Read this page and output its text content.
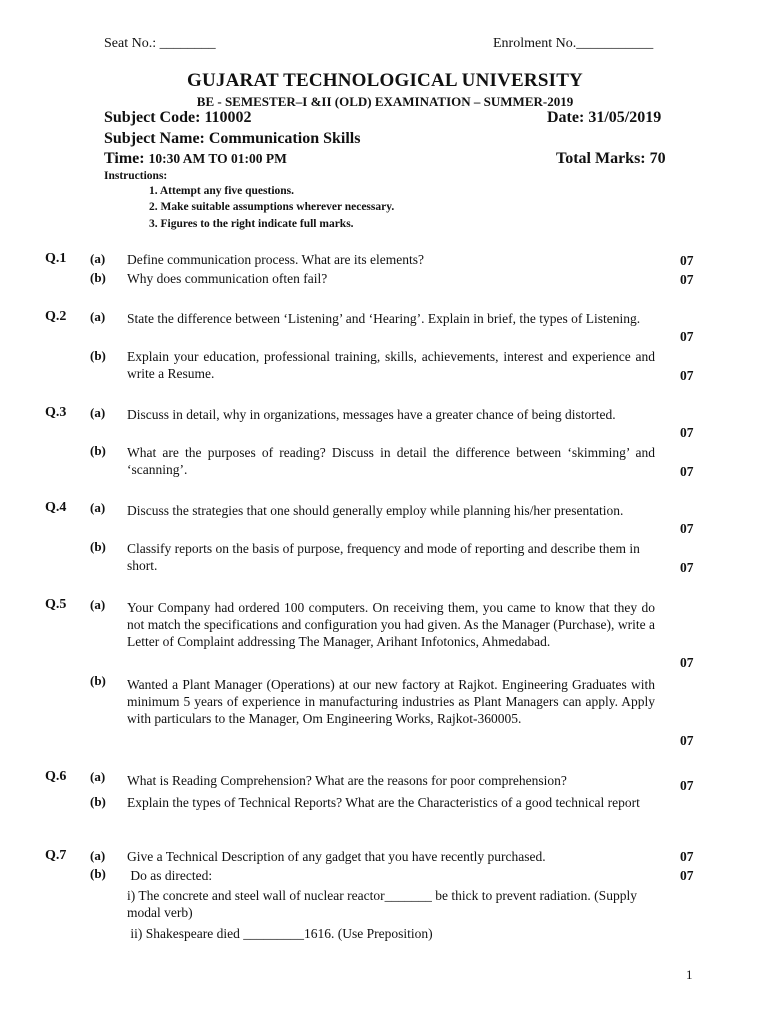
Seat No.: ________	Enrolment No.___________
GUJARAT TECHNOLOGICAL UNIVERSITY
BE - SEMESTER–I &II (OLD) EXAMINATION – SUMMER-2019
Subject Code: 110002	Date: 31/05/2019
Subject Name: Communication Skills
Time: 10:30 AM TO 01:00 PM	Total Marks: 70
Instructions:
1. Attempt any five questions.
2. Make suitable assumptions wherever necessary.
3. Figures to the right indicate full marks.
Q.1 (a) Define communication process. What are its elements?	07
(b) Why does communication often fail?	07
Q.2 (a) State the difference between ‘Listening’ and ‘Hearing’. Explain in brief, the types of Listening.
07
(b) Explain your education, professional training, skills, achievements, interest and experience and write a Resume.	07
Q.3 (a) Discuss in detail, why in organizations, messages have a greater chance of being distorted.
07
(b) What are the purposes of reading? Discuss in detail the difference between ‘skimming’ and ‘scanning’.	07
Q.4 (a) Discuss the strategies that one should generally employ while planning his/her presentation.
07
(b) Classify reports on the basis of purpose, frequency and mode of reporting and describe them in short.	07
Q.5 (a) Your Company had ordered 100 computers. On receiving them, you came to know that they do not match the specifications and configuration you had given. As the Manager (Purchase), write a Letter of Complaint addressing The Manager, Arihant Infotonics, Ahmedabad.
07
(b) Wanted a Plant Manager (Operations) at our new factory at Rajkot. Engineering Graduates with minimum 5 years of experience in manufacturing industries as Plant Managers can apply. Apply with particulars to the Manager, Om Engineering Works, Rajkot-360005.
07
Q.6 (a) What is Reading Comprehension? What are the reasons for poor comprehension?	07
(b) Explain the types of Technical Reports? What are the Characteristics of a good technical report
Q.7 (a) Give a Technical Description of any gadget that you have recently purchased.	07
(b) Do as directed:	07
i) The concrete and steel wall of nuclear reactor_______ be thick to prevent radiation. (Supply modal verb)
ii) Shakespeare died _________1616. (Use Preposition)
1
